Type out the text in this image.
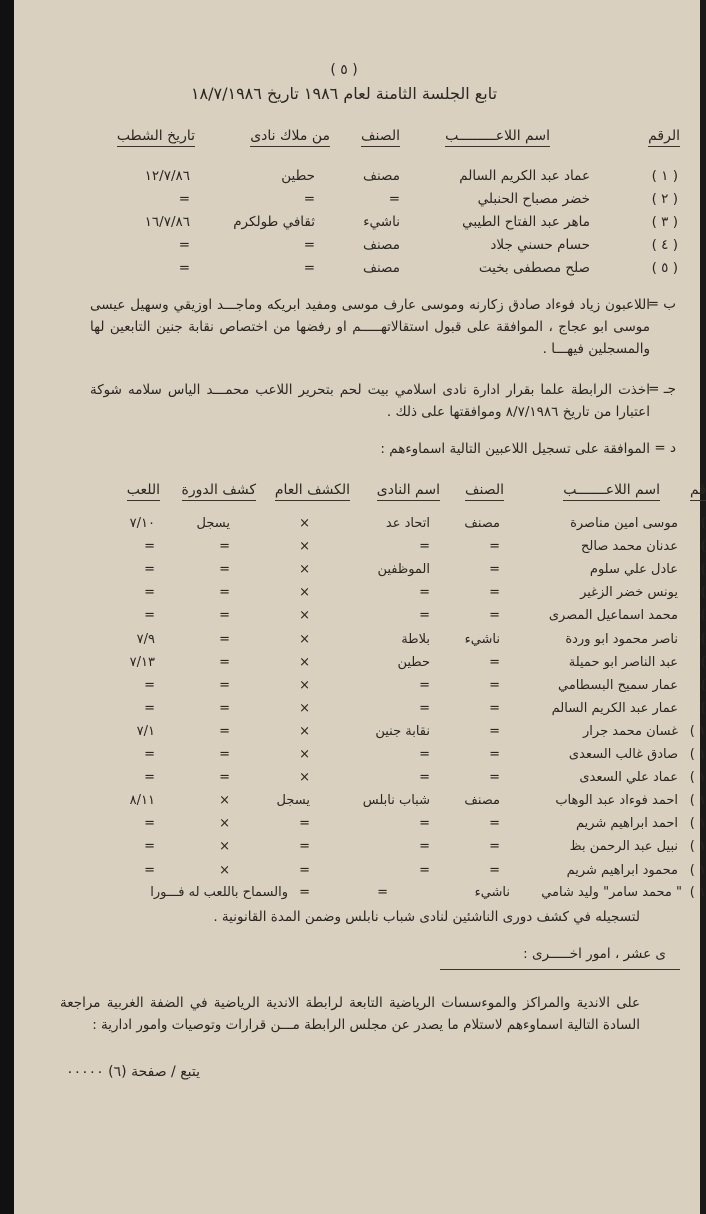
( ٥ )
تابع الجلسة الثامنة لعام ١٩٨٦ تاريخ ١٨/٧/١٩٨٦
الرقم
اسم اللاعـــــــــب
الصنف
من ملاك نادى
تاريخ الشطب
( ١ )
عماد عبد الكريم السالم
مصنف
حطين
١٢/٧/٨٦
( ٢ )
خضر مصباح الحنبلي
=
=
=
( ٣ )
ماهر عبد الفتاح الطيبي
ناشيء
ثقافي طولكرم
١٦/٧/٨٦
( ٤ )
حسام حسني جلاد
مصنف
=
=
( ٥ )
صلح مصطفى بخيت
مصنف
=
=
ب =
اللاعبون زياد فوءاد صادق زكارنه وموسى عارف موسى ومفيد ابريكه وماجـــد اوزيقي وسهيل عيسى موسى ابو عجاج ، الموافقة على قبول استقالاتهـــــم او رفضها من اختصاص نقابة جنين التابعين لها والمسجلين فيهـــا .
جـ =
اخذت الرابطة علما بقرار ادارة نادى اسلامي بيت لحم بتحرير اللاعب محمـــد الياس سلامه شوكة اعتبارا من تاريخ ٨/٧/١٩٨٦ وموافقتها على ذلك .
د =
الموافقة على تسجيل اللاعبين التالية اسماوءهم :
قم
اسم اللاعـــــــب
الصنف
اسم النادى
الكشف العام
كشف الدورة
اللعب
)
موسى امين مناصرة
مصنف
اتحاد عد
×
يسجل
٧/١٠
)
عدنان محمد صالح
=
=
×
=
=
)
عادل علي سلوم
=
الموظفين
×
=
=
)
يونس خضر الزغير
=
=
×
=
=
)
محمد اسماعيل المصرى
=
=
×
=
=
)
ناصر محمود ابو وردة
ناشيء
بلاطة
×
=
٧/٩
)
عبد الناصر ابو حميلة
=
حطين
×
=
٧/١٣
)
عمار سميح البسطامي
=
=
×
=
=
)
عمار عبد الكريم السالم
=
=
×
=
=
١ )
غسان محمد جرار
=
نقابة جنين
×
=
٧/١
١ )
صادق غالب السعدى
=
=
×
=
=
١ )
عماد علي السعدى
=
=
×
=
=
١ )
احمد فوءاد عبد الوهاب
مصنف
شباب نابلس
يسجل
×
٨/١١
١ )
احمد ابراهيم شريم
=
=
=
×
=
١ )
نبيل عبد الرحمن بظ
=
=
=
×
=
١ )
محمود ابراهيم شريم
=
=
=
×
=
١ )
" محمد سامر" وليد شامي
ناشيء
=
=
والسماح باللعب له فـــورا
لتسجيله في كشف دورى الناشئين لنادى شباب نابلس وضمن المدة القانونية .
ى عشر ، امور اخـــــرى :
على الاندية والمراكز والموءسسات الرياضية التابعة لرابطة الاندية الرياضية في الضفة الغربية مراجعة السادة التالية اسماوءهم لاستلام ما يصدر عن مجلس الرابطة مـــن قرارات وتوصيات وامور ادارية :
يتبع / صفحة (٦) ٠٠٠٠٠
